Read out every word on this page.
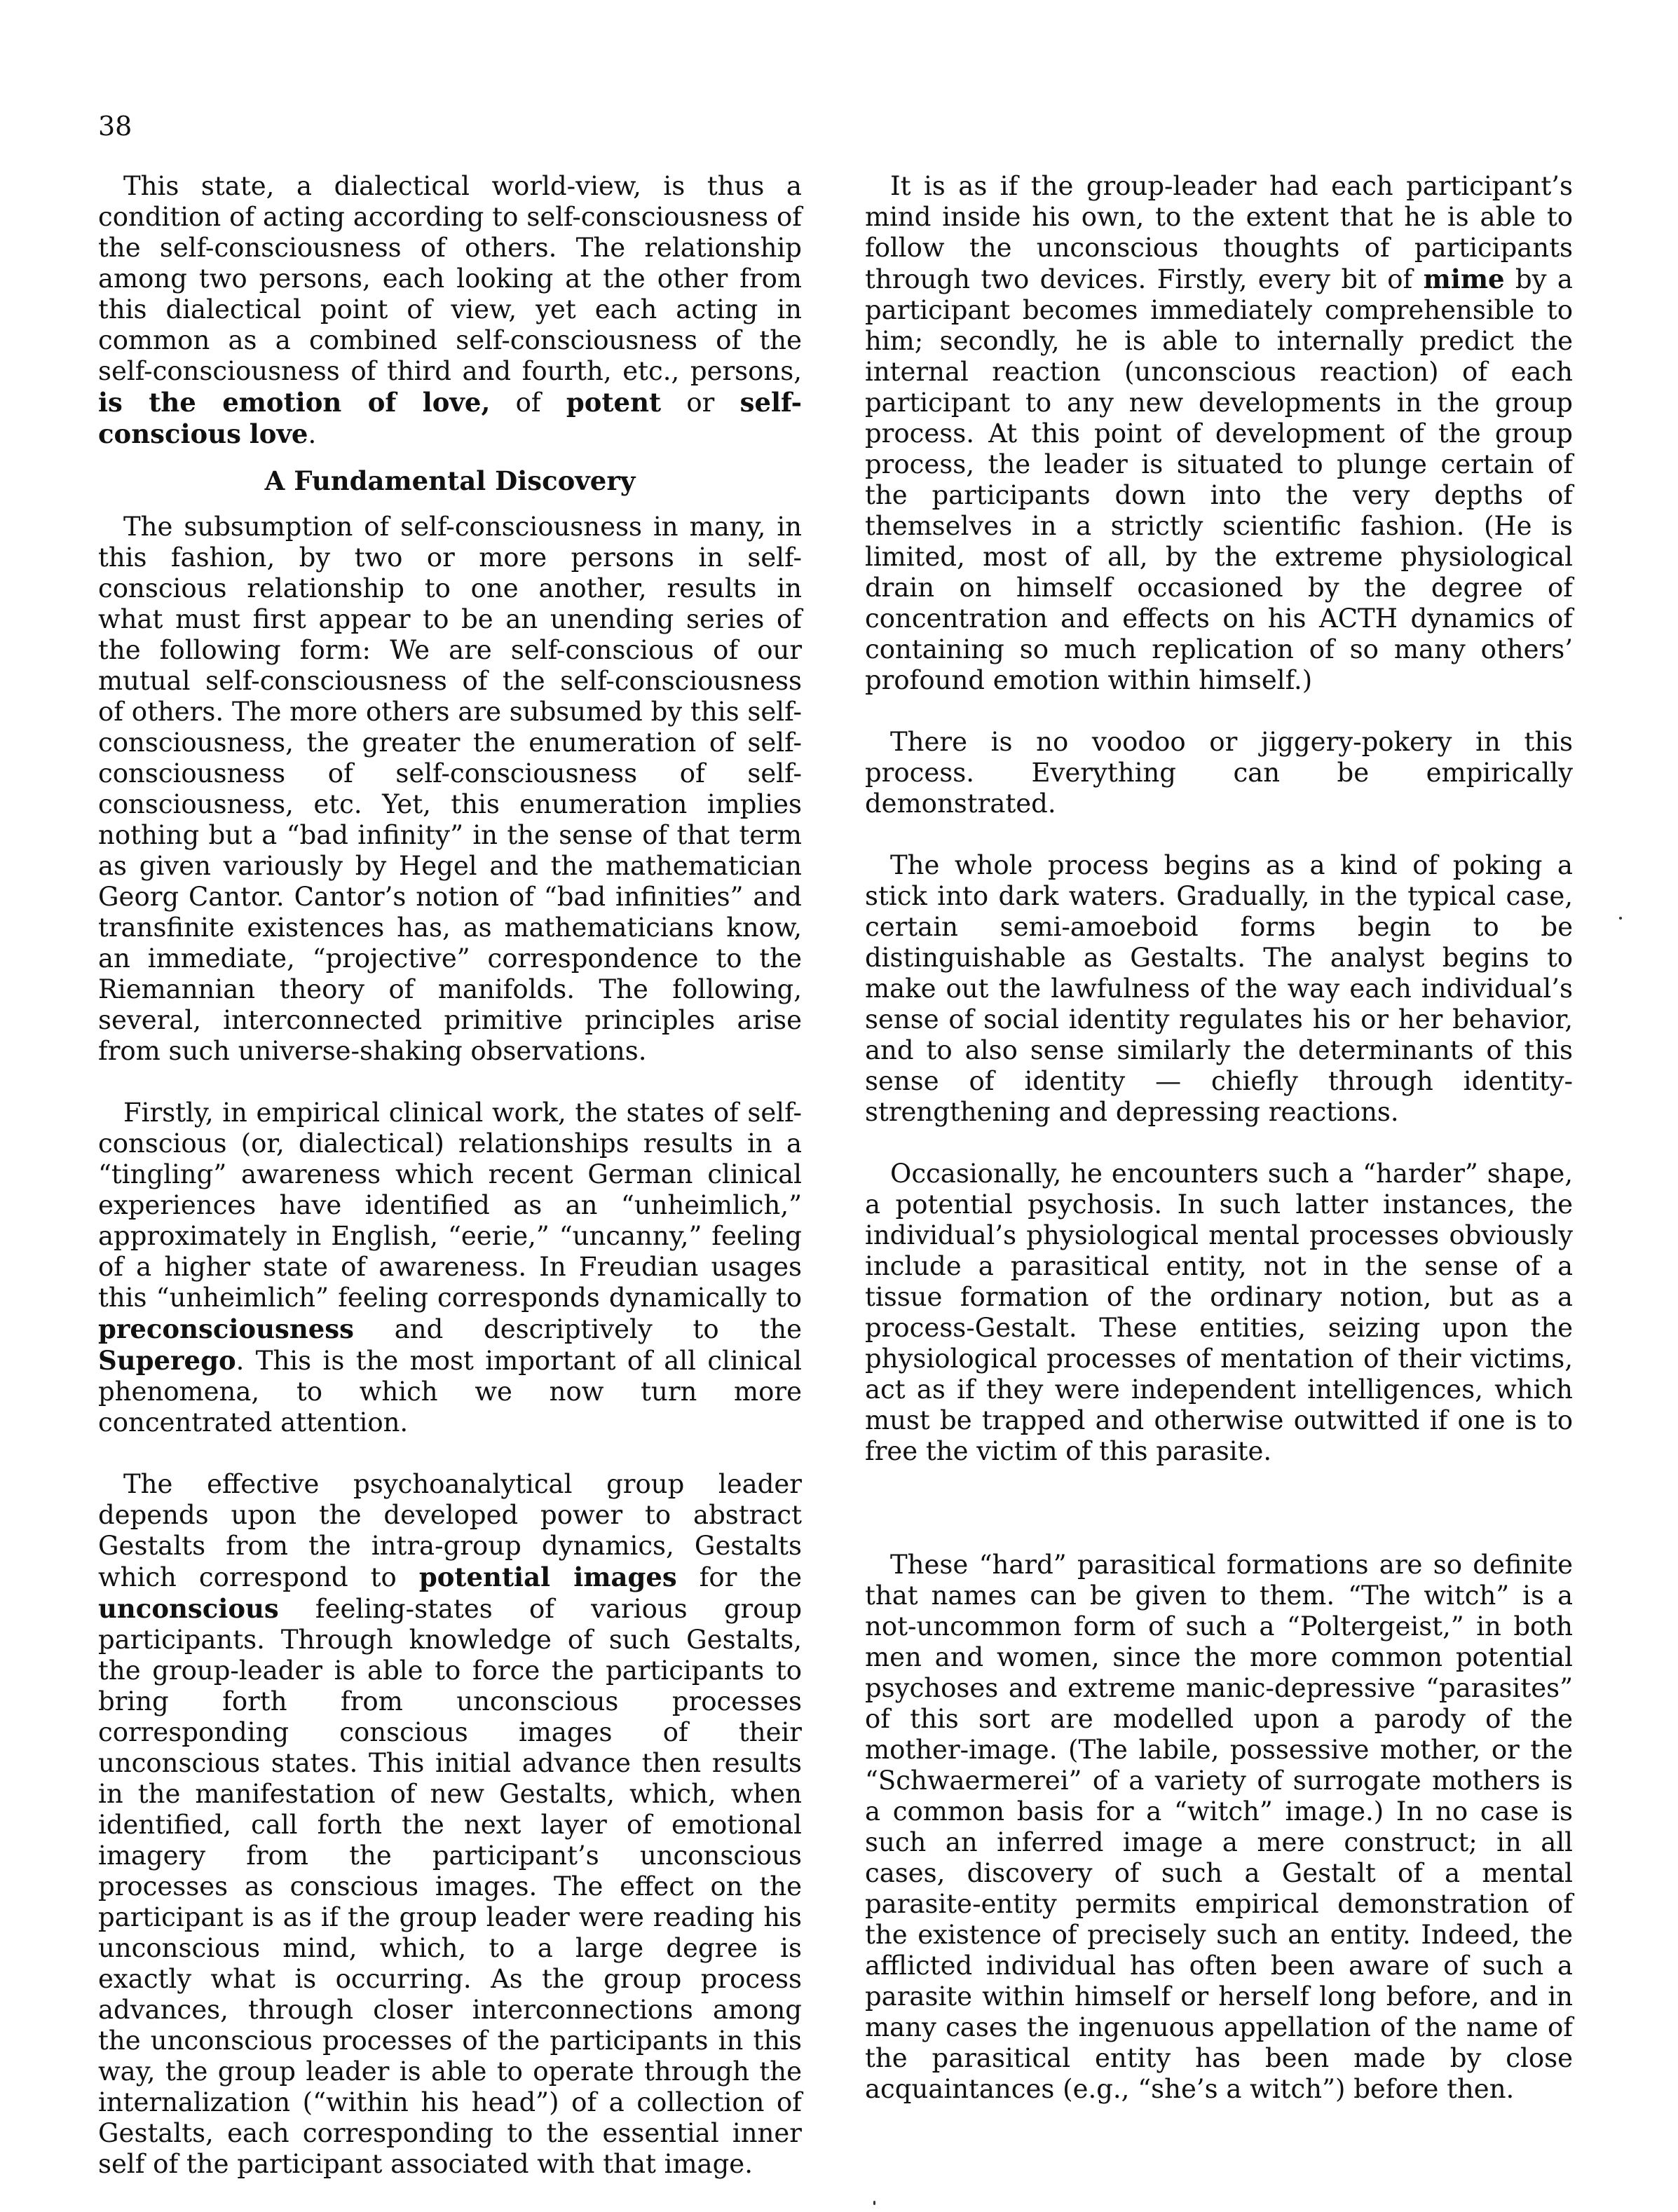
38

This state, a dialectical world-view, is thus a condition of acting according to self-consciousness of the self-consciousness of others. The relationship among two persons, each looking at the other from this dialectical point of view, yet each acting in common as a combined self-consciousness of the self-consciousness of third and fourth, etc., persons, is the emotion of love, of potent or self-conscious love.

A Fundamental Discovery

The subsumption of self-consciousness in many, in this fashion, by two or more persons in self-conscious relationship to one another, results in what must first appear to be an unending series of the following form: We are self-conscious of our mutual self-consciousness of the self-consciousness of others. The more others are subsumed by this self-consciousness, the greater the enumeration of self-consciousness of self-consciousness of self-consciousness, etc. Yet, this enumeration implies nothing but a “bad infinity” in the sense of that term as given variously by Hegel and the mathematician Georg Cantor. Cantor’s notion of “bad infinities” and transfinite existences has, as mathematicians know, an immediate, “projective” correspondence to the Riemannian theory of manifolds. The following, several, interconnected primitive principles arise from such universe-shaking observations.

Firstly, in empirical clinical work, the states of self-conscious (or, dialectical) relationships results in a “tingling” awareness which recent German clinical experiences have identified as an “unheimlich,” approximately in English, “eerie,” “uncanny,” feeling of a higher state of awareness. In Freudian usages this “unheimlich” feeling corresponds dynamically to preconsciousness and descriptively to the Superego. This is the most important of all clinical phenomena, to which we now turn more concentrated attention.

The effective psychoanalytical group leader depends upon the developed power to abstract Gestalts from the intra-group dynamics, Gestalts which correspond to potential images for the unconscious feeling-states of various group participants. Through knowledge of such Gestalts, the group-leader is able to force the participants to bring forth from unconscious processes corresponding conscious images of their unconscious states. This initial advance then results in the manifestation of new Gestalts, which, when identified, call forth the next layer of emotional imagery from the participant’s unconscious processes as conscious images. The effect on the participant is as if the group leader were reading his unconscious mind, which, to a large degree is exactly what is occurring. As the group process advances, through closer interconnections among the unconscious processes of the participants in this way, the group leader is able to operate through the internalization (“within his head”) of a collection of Gestalts, each corresponding to the essential inner self of the participant associated with that image.

It is as if the group-leader had each participant’s mind inside his own, to the extent that he is able to follow the unconscious thoughts of participants through two devices. Firstly, every bit of mime by a participant becomes immediately comprehensible to him; secondly, he is able to internally predict the internal reaction (unconscious reaction) of each participant to any new developments in the group process. At this point of development of the group process, the leader is situated to plunge certain of the participants down into the very depths of themselves in a strictly scientific fashion. (He is limited, most of all, by the extreme physiological drain on himself occasioned by the degree of concentration and effects on his ACTH dynamics of containing so much replication of so many others’ profound emotion within himself.)

There is no voodoo or jiggery-pokery in this process. Everything can be empirically demonstrated.

The whole process begins as a kind of poking a stick into dark waters. Gradually, in the typical case, certain semi-amoeboid forms begin to be distinguishable as Gestalts. The analyst begins to make out the lawfulness of the way each individual’s sense of social identity regulates his or her behavior, and to also sense similarly the determinants of this sense of identity — chiefly through identity-strengthening and depressing reactions.

Occasionally, he encounters such a “harder” shape, a potential psychosis. In such latter instances, the individual’s physiological mental processes obviously include a parasitical entity, not in the sense of a tissue formation of the ordinary notion, but as a process-Gestalt. These entities, seizing upon the physiological processes of mentation of their victims, act as if they were independent intelligences, which must be trapped and otherwise outwitted if one is to free the victim of this parasite.

These “hard” parasitical formations are so definite that names can be given to them. “The witch” is a not-uncommon form of such a “Poltergeist,” in both men and women, since the more common potential psychoses and extreme manic-depressive “parasites” of this sort are modelled upon a parody of the mother-image. (The labile, possessive mother, or the “Schwaermerei” of a variety of surrogate mothers is a common basis for a “witch” image.) In no case is such an inferred image a mere construct; in all cases, discovery of such a Gestalt of a mental parasite-entity permits empirical demonstration of the existence of precisely such an entity. Indeed, the afflicted individual has often been aware of such a parasite within himself or herself long before, and in many cases the ingenuous appellation of the name of the parasitical entity has been made by close acquaintances (e.g., “she’s a witch”) before then.
